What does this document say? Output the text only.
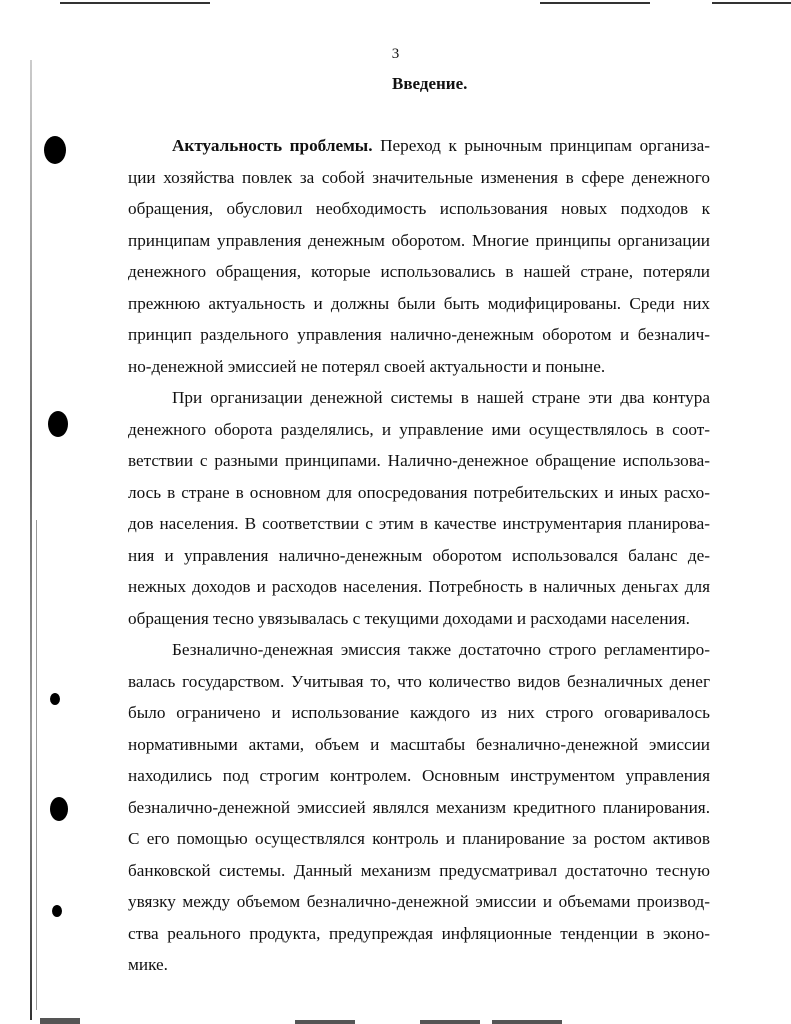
3
Введение.
Актуальность проблемы. Переход к рыночным принципам организа-
ции хозяйства повлек за собой значительные изменения в сфере денежного
обращения, обусловил необходимость использования новых подходов к
принципам управления денежным оборотом. Многие принципы организации
денежного обращения, которые использовались в нашей стране, потеряли
прежнюю актуальность и должны были быть модифицированы. Среди них
принцип раздельного управления налично-денежным оборотом и безналич-
но-денежной эмиссией не потерял своей актуальности и поныне.
При организации денежной системы в нашей стране эти два контура
денежного оборота разделялись, и управление ими осуществлялось в соот-
ветствии с разными принципами. Налично-денежное обращение использова-
лось в стране в основном для опосредования потребительских и иных расхо-
дов населения. В соответствии с этим в качестве инструментария планирова-
ния и управления налично-денежным оборотом использовался баланс де-
нежных доходов и расходов населения. Потребность в наличных деньгах для
обращения тесно увязывалась с текущими доходами и расходами населения.
Безналично-денежная эмиссия также достаточно строго регламентиро-
валась государством. Учитывая то, что количество видов безналичных денег
было ограничено и использование каждого из них строго оговаривалось
нормативными актами, объем и масштабы безналично-денежной эмиссии
находились под строгим контролем. Основным инструментом управления
безналично-денежной эмиссией являлся механизм кредитного планирования.
С его помощью осуществлялся контроль и планирование за ростом активов
банковской системы. Данный механизм предусматривал достаточно тесную
увязку между объемом безналично-денежной эмиссии и объемами производ-
ства реального продукта, предупреждая инфляционные тенденции в эконо-
мике.
